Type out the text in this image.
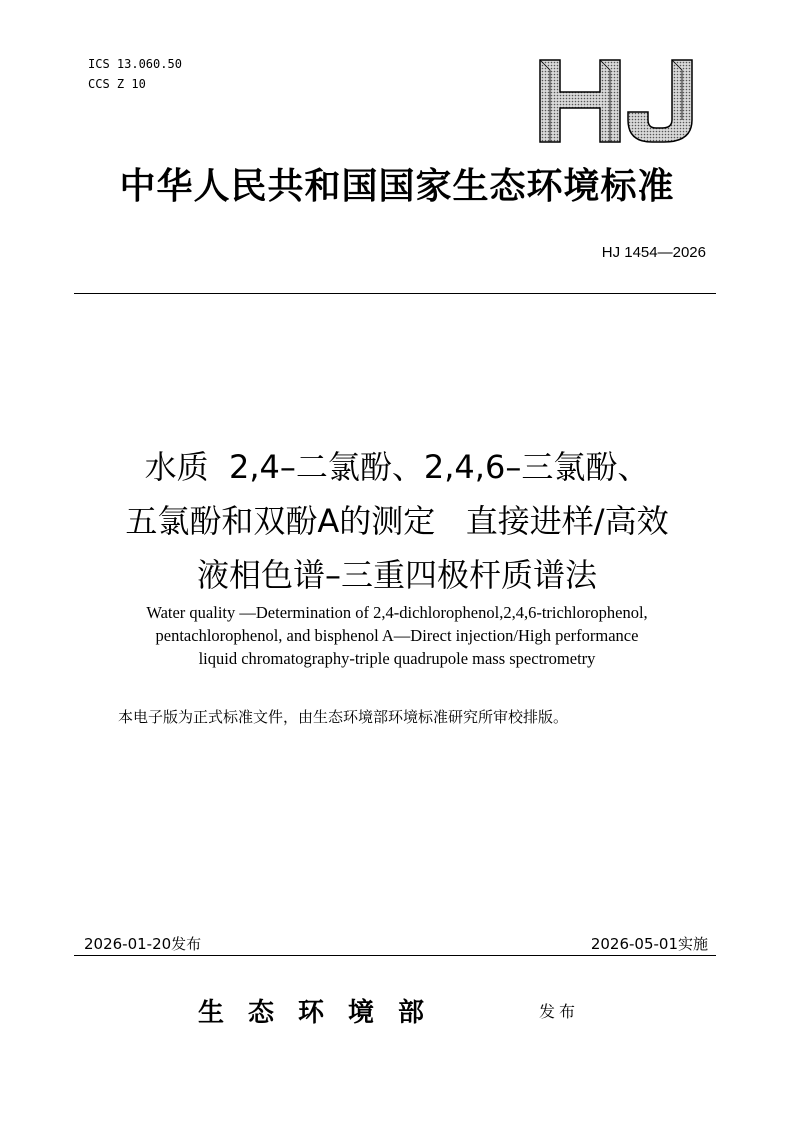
ICS 13.060.50
CCS Z 10
HJ
中华人民共和国国家生态环境标准
HJ 1454—2026
水质  2,4–二氯酚、2,4,6–三氯酚、
五氯酚和双酚A的测定   直接进样/高效
液相色谱–三重四极杆质谱法
Water quality —Determination of 2,4-dichlorophenol,2,4,6-trichlorophenol,
pentachlorophenol, and bisphenol A—Direct injection/High performance
liquid chromatography-triple quadrupole mass spectrometry
本电子版为正式标准文件，由生态环境部环境标准研究所审校排版。
2026-01-20发布	2026-05-01实施
生态环境部	发布
